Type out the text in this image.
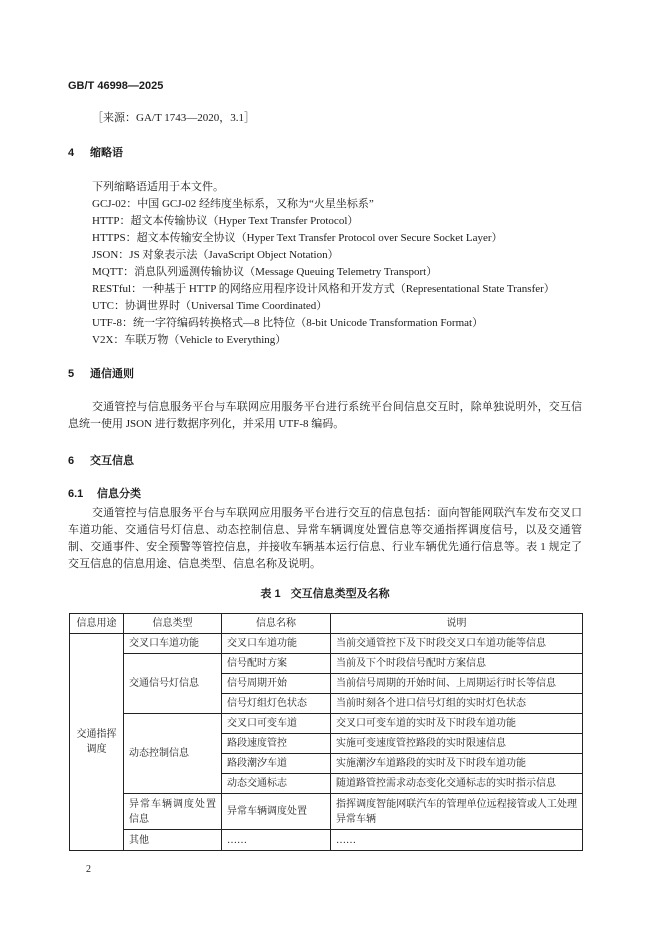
GB/T 46998—2025
［来源：GA/T 1743—2020，3.1］
4 缩略语
下列缩略语适用于本文件。
GCJ-02：中国 GCJ-02 经纬度坐标系，又称为“火星坐标系”
HTTP：超文本传输协议（Hyper Text Transfer Protocol）
HTTPS：超文本传输安全协议（Hyper Text Transfer Protocol over Secure Socket Layer）
JSON：JS 对象表示法（JavaScript Object Notation）
MQTT：消息队列遥测传输协议（Message Queuing Telemetry Transport）
RESTful：一种基于 HTTP 的网络应用程序设计风格和开发方式（Representational State Transfer）
UTC：协调世界时（Universal Time Coordinated）
UTF-8：统一字符编码转换格式—8 比特位（8-bit Unicode Transformation Format）
V2X：车联万物（Vehicle to Everything）
5 通信通则
交通管控与信息服务平台与车联网应用服务平台进行系统平台间信息交互时，除单独说明外，交互信息统一使用 JSON 进行数据序列化，并采用 UTF-8 编码。
6 交互信息
6.1 信息分类
交通管控与信息服务平台与车联网应用服务平台进行交互的信息包括：面向智能网联汽车发布交叉口车道功能、交通信号灯信息、动态控制信息、异常车辆调度处置信息等交通指挥调度信号，以及交通管制、交通事件、安全预警等管控信息，并接收车辆基本运行信息、行业车辆优先通行信息等。表 1 规定了交互信息的信息用途、信息类型、信息名称及说明。
表 1 交互信息类型及名称
信息用途	信息类型	信息名称	说明
交通指挥调度	交叉口车道功能	交叉口车道功能	当前交通管控下及下时段交叉口车道功能等信息
	交通信号灯信息	信号配时方案	当前及下个时段信号配时方案信息
		信号周期开始	当前信号周期的开始时间、上周期运行时长等信息
		信号灯组灯色状态	当前时刻各个进口信号灯组的实时灯色状态
	动态控制信息	交叉口可变车道	交叉口可变车道的实时及下时段车道功能
		路段速度管控	实施可变速度管控路段的实时限速信息
		路段潮汐车道	实施潮汐车道路段的实时及下时段车道功能
		动态交通标志	随道路管控需求动态变化交通标志的实时指示信息
	异常车辆调度处置信息	异常车辆调度处置	指挥调度智能网联汽车的管理单位远程接管或人工处理异常车辆
	其他	……	……
2
